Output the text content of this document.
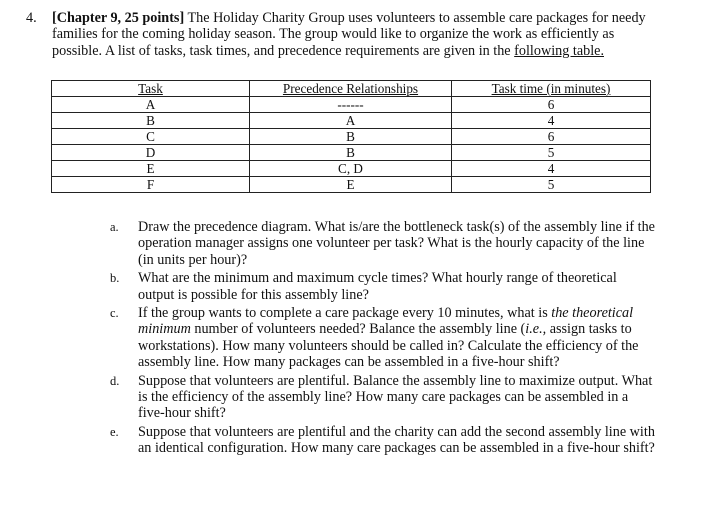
4. [Chapter 9, 25 points] The Holiday Charity Group uses volunteers to assemble care packages for needy families for the coming holiday season. The group would like to organize the work as efficiently as possible. A list of tasks, task times, and precedence requirements are given in the following table.
Task	Precedence Relationships	Task time (in minutes)
A	------	6
B	A	4
C	B	6
D	B	5
E	C, D	4
F	E	5
a. Draw the precedence diagram. What is/are the bottleneck task(s) of the assembly line if the operation manager assigns one volunteer per task? What is the hourly capacity of the line (in units per hour)?
b. What are the minimum and maximum cycle times? What hourly range of theoretical output is possible for this assembly line?
c. If the group wants to complete a care package every 10 minutes, what is the theoretical minimum number of volunteers needed? Balance the assembly line (i.e., assign tasks to workstations). How many volunteers should be called in? Calculate the efficiency of the assembly line. How many packages can be assembled in a five-hour shift?
d. Suppose that volunteers are plentiful. Balance the assembly line to maximize output. What is the efficiency of the assembly line? How many care packages can be assembled in a five-hour shift?
e. Suppose that volunteers are plentiful and the charity can add the second assembly line with an identical configuration. How many care packages can be assembled in a five-hour shift?
